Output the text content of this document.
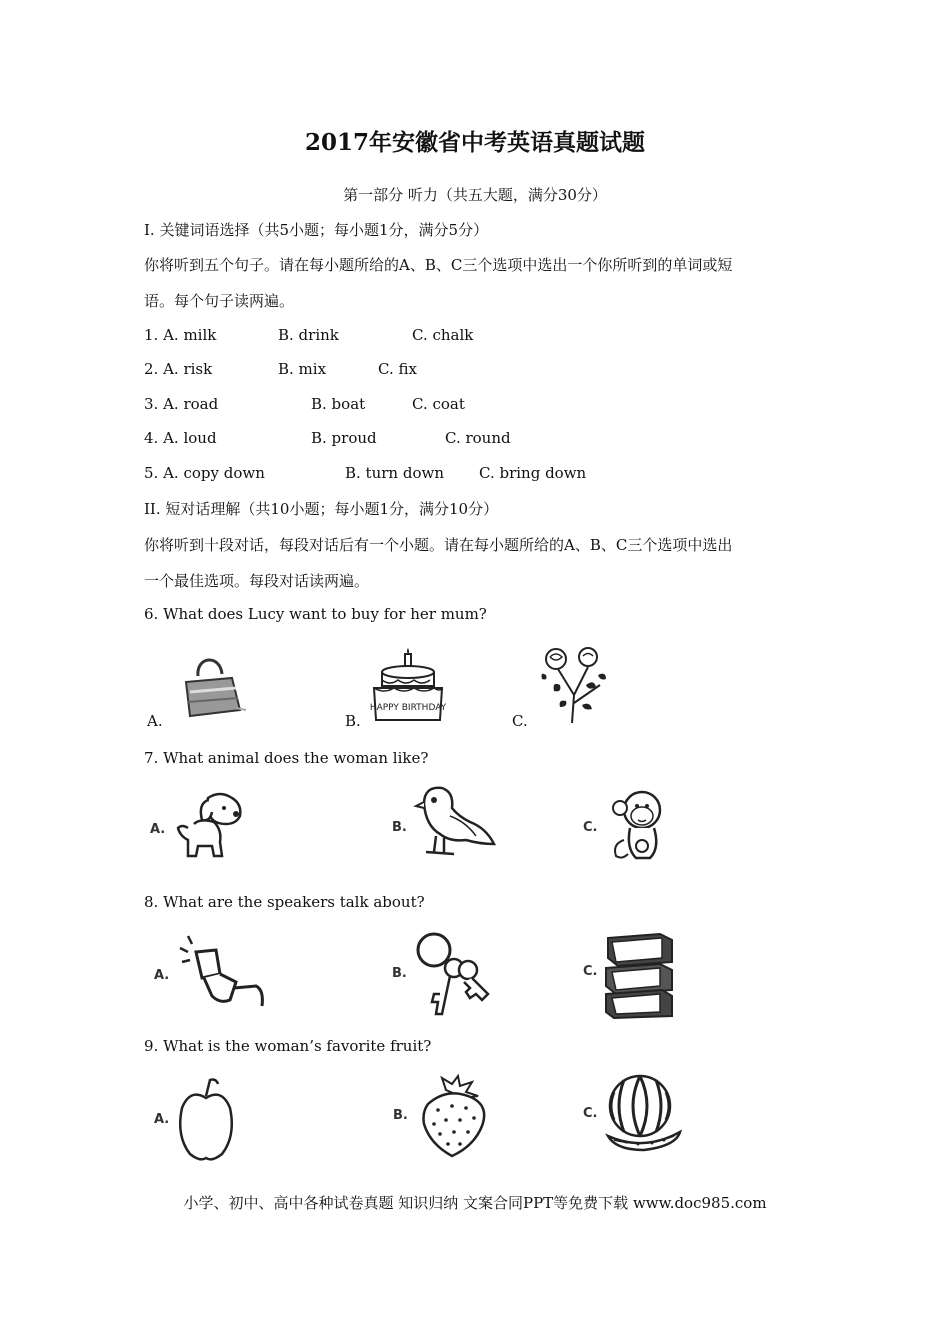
2017年安徽省中考英语真题试题
第一部分 听力（共五大题，满分30分）
I. 关键词语选择（共5小题；每小题1分，满分5分）
你将听到五个句子。请在每小题所给的A、B、C三个选项中选出一个你所听到的单词或短
语。每个句子读两遍。
1. A. milk	B. drink	C. chalk
2. A. risk	B. mix	C. fix
3. A. road	B. boat	C. coat
4. A. loud	B. proud	C. round
5. A. copy down	B. turn down C. bring down
II. 短对话理解（共10小题；每小题1分，满分10分）
你将听到十段对话，每段对话后有一个小题。请在每小题所给的A、B、C三个选项中选出
一个最佳选项。每段对话读两遍。
6. What does Lucy want to buy for her mum?
A.	B.	C.
HAPPY BIRTHDAY
7. What animal does the woman like?
A.	B.	C.
8. What are the speakers talk about?
A.	B.	C.
9. What is the woman’s favorite fruit?
A.	B.	C.
小学、初中、高中各种试卷真题 知识归纳 文案合同PPT等免费下载 www.doc985.com
